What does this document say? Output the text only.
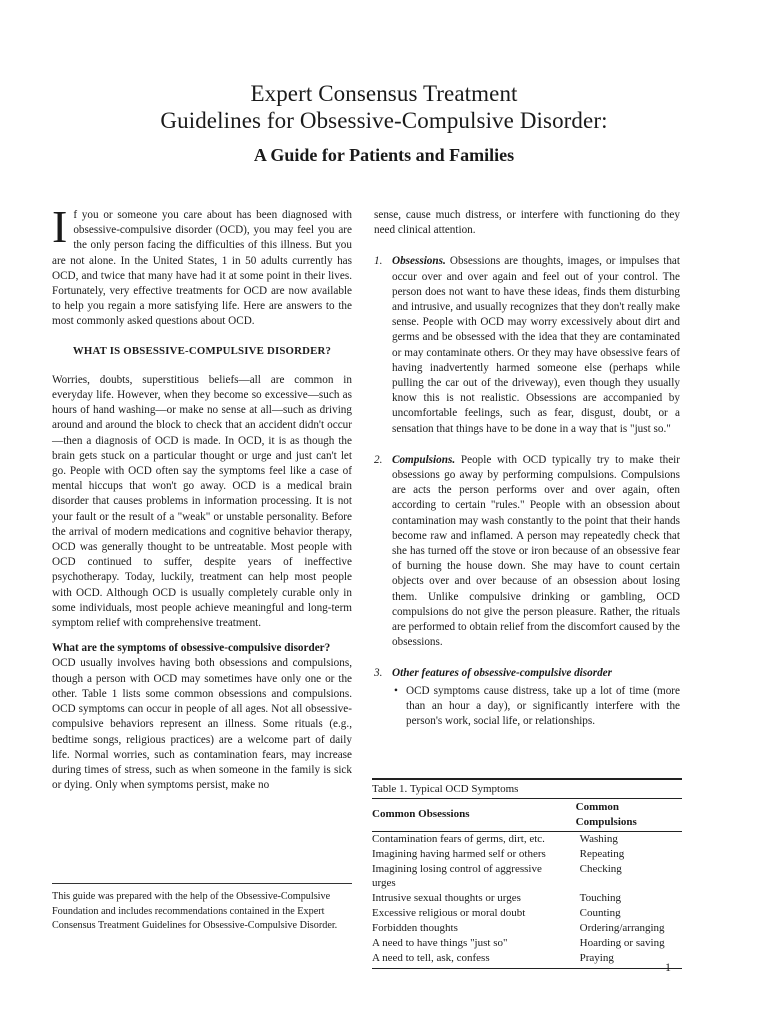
Expert Consensus Treatment
Guidelines for Obsessive-Compulsive Disorder:
A Guide for Patients and Families

If you or someone you care about has been diagnosed with obsessive-compulsive disorder (OCD), you may feel you are the only person facing the difficulties of this illness. But you are not alone. In the United States, 1 in 50 adults currently has OCD, and twice that many have had it at some point in their lives. Fortunately, very effective treatments for OCD are now available to help you regain a more satisfying life. Here are answers to the most commonly asked questions about OCD.

WHAT IS OBSESSIVE-COMPULSIVE DISORDER?

Worries, doubts, superstitious beliefs—all are common in everyday life. However, when they become so excessive—such as hours of hand washing—or make no sense at all—such as driving around and around the block to check that an accident didn't occur—then a diagnosis of OCD is made. In OCD, it is as though the brain gets stuck on a particular thought or urge and just can't let go. People with OCD often say the symptoms feel like a case of mental hiccups that won't go away. OCD is a medical brain disorder that causes problems in information processing. It is not your fault or the result of a "weak" or unstable personality. Before the arrival of modern medications and cognitive behavior therapy, OCD was generally thought to be untreatable. Most people with OCD continued to suffer, despite years of ineffective psychotherapy. Today, luckily, treatment can help most people with OCD. Although OCD is usually completely curable only in some individuals, most people achieve meaningful and long-term symptom relief with comprehensive treatment.

What are the symptoms of obsessive-compulsive disorder?

OCD usually involves having both obsessions and compulsions, though a person with OCD may sometimes have only one or the other. Table 1 lists some common obsessions and compulsions. OCD symptoms can occur in people of all ages. Not all obsessive-compulsive behaviors represent an illness. Some rituals (e.g., bedtime songs, religious practices) are a welcome part of daily life. Normal worries, such as contamination fears, may increase during times of stress, such as when someone in the family is sick or dying. Only when symptoms persist, make no

This guide was prepared with the help of the Obsessive-Compulsive Foundation and includes recommendations contained in the Expert Consensus Treatment Guidelines for Obsessive-Compulsive Disorder.

sense, cause much distress, or interfere with functioning do they need clinical attention.

1. Obsessions. Obsessions are thoughts, images, or impulses that occur over and over again and feel out of your control. The person does not want to have these ideas, finds them disturbing and intrusive, and usually recognizes that they don't really make sense. People with OCD may worry excessively about dirt and germs and be obsessed with the idea that they are contaminated or may contaminate others. Or they may have obsessive fears of having inadvertently harmed someone else (perhaps while pulling the car out of the driveway), even though they usually know this is not realistic. Obsessions are accompanied by uncomfortable feelings, such as fear, disgust, doubt, or a sensation that things have to be done in a way that is "just so."
2. Compulsions. People with OCD typically try to make their obsessions go away by performing compulsions. Compulsions are acts the person performs over and over again, often according to certain "rules." People with an obsession about contamination may wash constantly to the point that their hands become raw and inflamed. A person may repeatedly check that she has turned off the stove or iron because of an obsessive fear of burning the house down. She may have to count certain objects over and over because of an obsession about losing them. Unlike compulsive drinking or gambling, OCD compulsions do not give the person pleasure. Rather, the rituals are performed to obtain relief from the discomfort caused by the obsessions.
3. Other features of obsessive-compulsive disorder
• OCD symptoms cause distress, take up a lot of time (more than an hour a day), or significantly interfere with the person's work, social life, or relationships.
Table 1. Typical OCD Symptoms
Common Obsessions	Common Compulsions
Contamination fears of germs, dirt, etc.	Washing
Imagining having harmed self or others	Repeating
Imagining losing control of aggressive urges	Checking
Intrusive sexual thoughts or urges	Touching
Excessive religious or moral doubt	Counting
Forbidden thoughts	Ordering/arranging
A need to have things "just so"	Hoarding or saving
A need to tell, ask, confess	Praying
1
